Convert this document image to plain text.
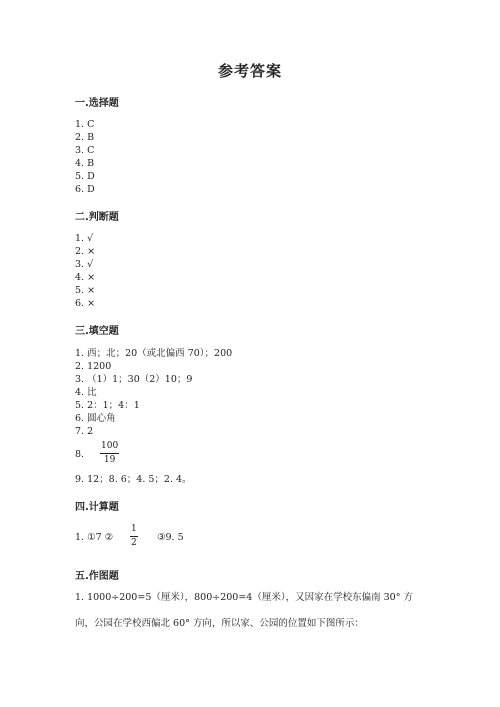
参考答案
一.选择题
1. C
2. B
3. C
4. B
5. D
6. D
二.判断题
1. √
2. ×
3. √
4. ×
5. ×
6. ×
三.填空题
1. 西；北；20（或北偏西 70）；200
2. 1200
3. （1）1；30（2）10；9
4. 比
5. 2：1；4：1
6. 圆心角
7. 2
8.
100
19
9. 12；8. 6；4. 5；2. 4。
四.计算题
1. ①7 ②
1
2 ③9. 5
五.作图题
1. 1000÷200=5（厘米），800÷200=4（厘米），又因家在学校东偏南 30° 方向，公园在学校西偏北 60° 方向，所以家、公园的位置如下图所示：
